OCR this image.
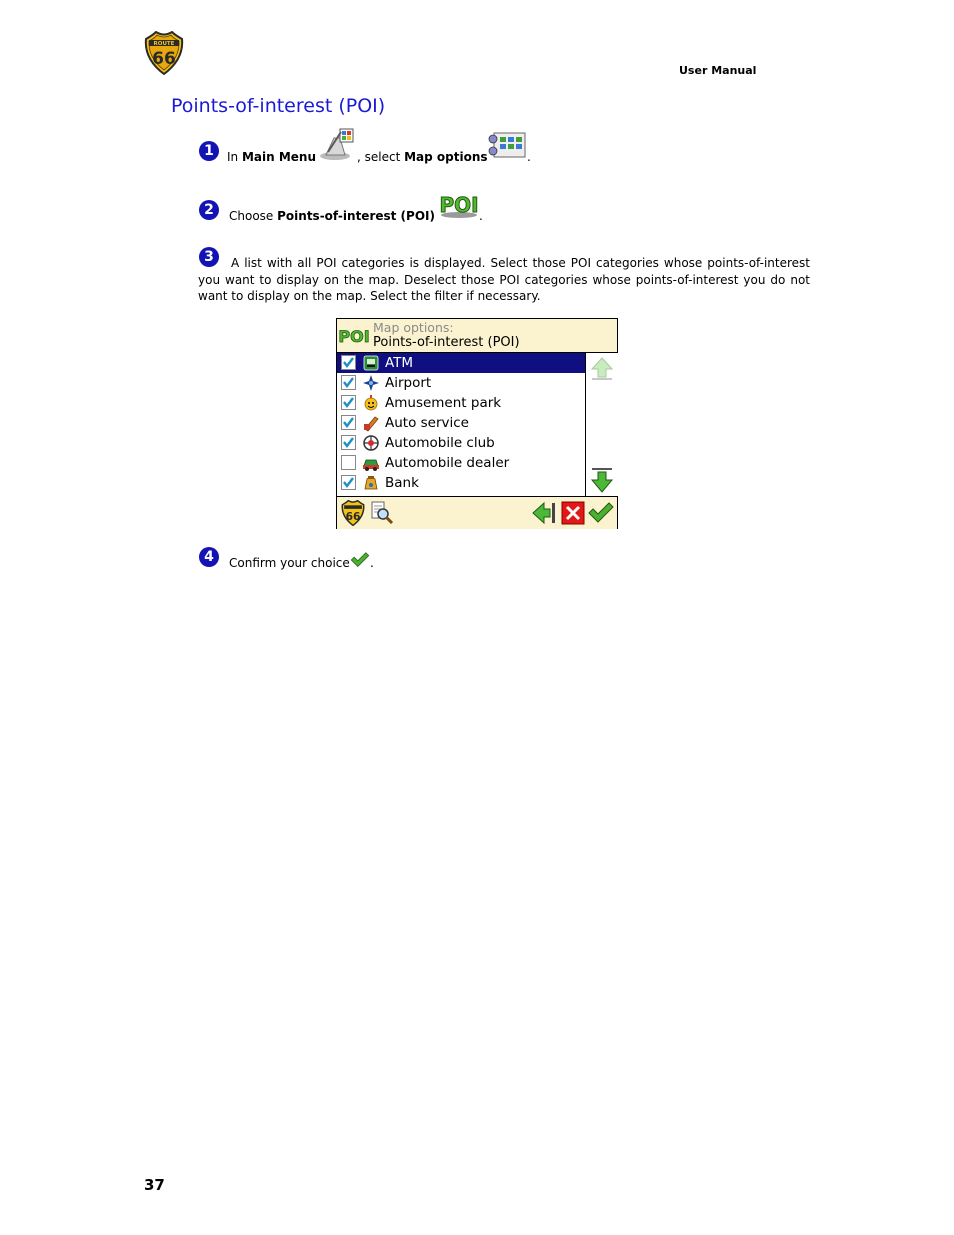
ROUTE
66
User Manual
Points-of-interest (POI)
1	In Main Menu	, select Map options	.
2	Choose Points-of-interest (POI) POI .
3	A list with all POI categories is displayed. Select those POI categories whose points-of-interest you want to display on the map. Deselect those POI categories whose points-of-interest you do not want to display on the map. Select the filter if necessary.
POI Map options:
Points-of-interest (POI)
ATM
Airport
Amusement park
Auto service
Automobile club
Automobile dealer
Bank
66
4	Confirm your choice .
37
